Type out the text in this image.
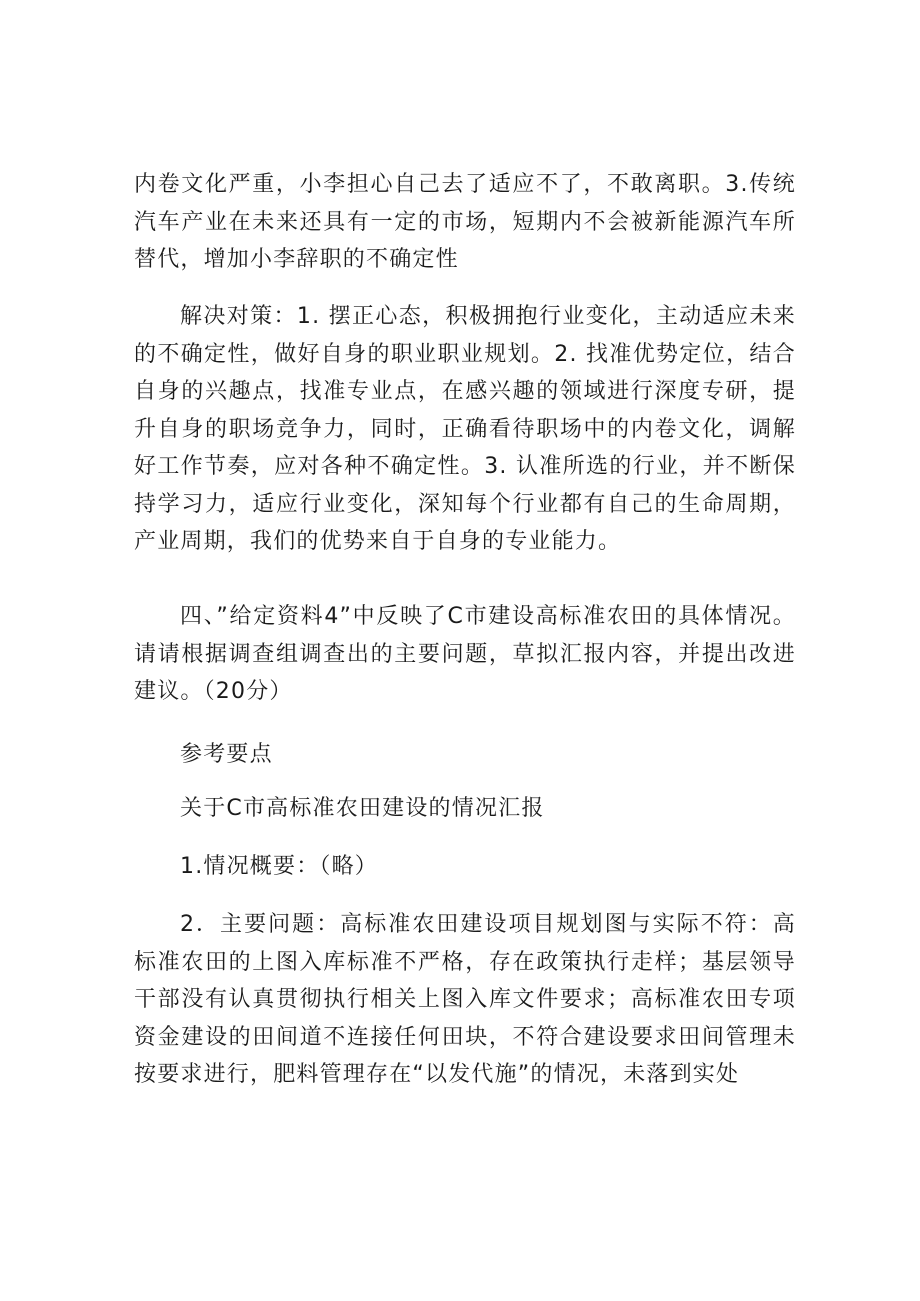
内卷文化严重，小李担心自己去了适应不了，不敢离职。3.传统汽车产业在未来还具有一定的市场，短期内不会被新能源汽车所替代，增加小李辞职的不确定性

解决对策：1. 摆正心态，积极拥抱行业变化，主动适应未来的不确定性，做好自身的职业职业规划。2. 找准优势定位，结合自身的兴趣点，找准专业点，在感兴趣的领域进行深度专研，提升自身的职场竞争力，同时，正确看待职场中的内卷文化，调解好工作节奏，应对各种不确定性。3. 认准所选的行业，并不断保持学习力，适应行业变化，深知每个行业都有自己的生命周期，产业周期，我们的优势来自于自身的专业能力。

四、”给定资料4”中反映了C市建设高标准农田的具体情况。请请根据调查组调查出的主要问题，草拟汇报内容，并提出改进建议。（20分）

参考要点

关于C市高标准农田建设的情况汇报

1.情况概要：（略）

2．主要问题：高标准农田建设项目规划图与实际不符：高标准农田的上图入库标准不严格，存在政策执行走样；基层领导干部没有认真贯彻执行相关上图入库文件要求；高标准农田专项资金建设的田间道不连接任何田块，不符合建设要求田间管理未按要求进行，肥料管理存在“以发代施”的情况，未落到实处
